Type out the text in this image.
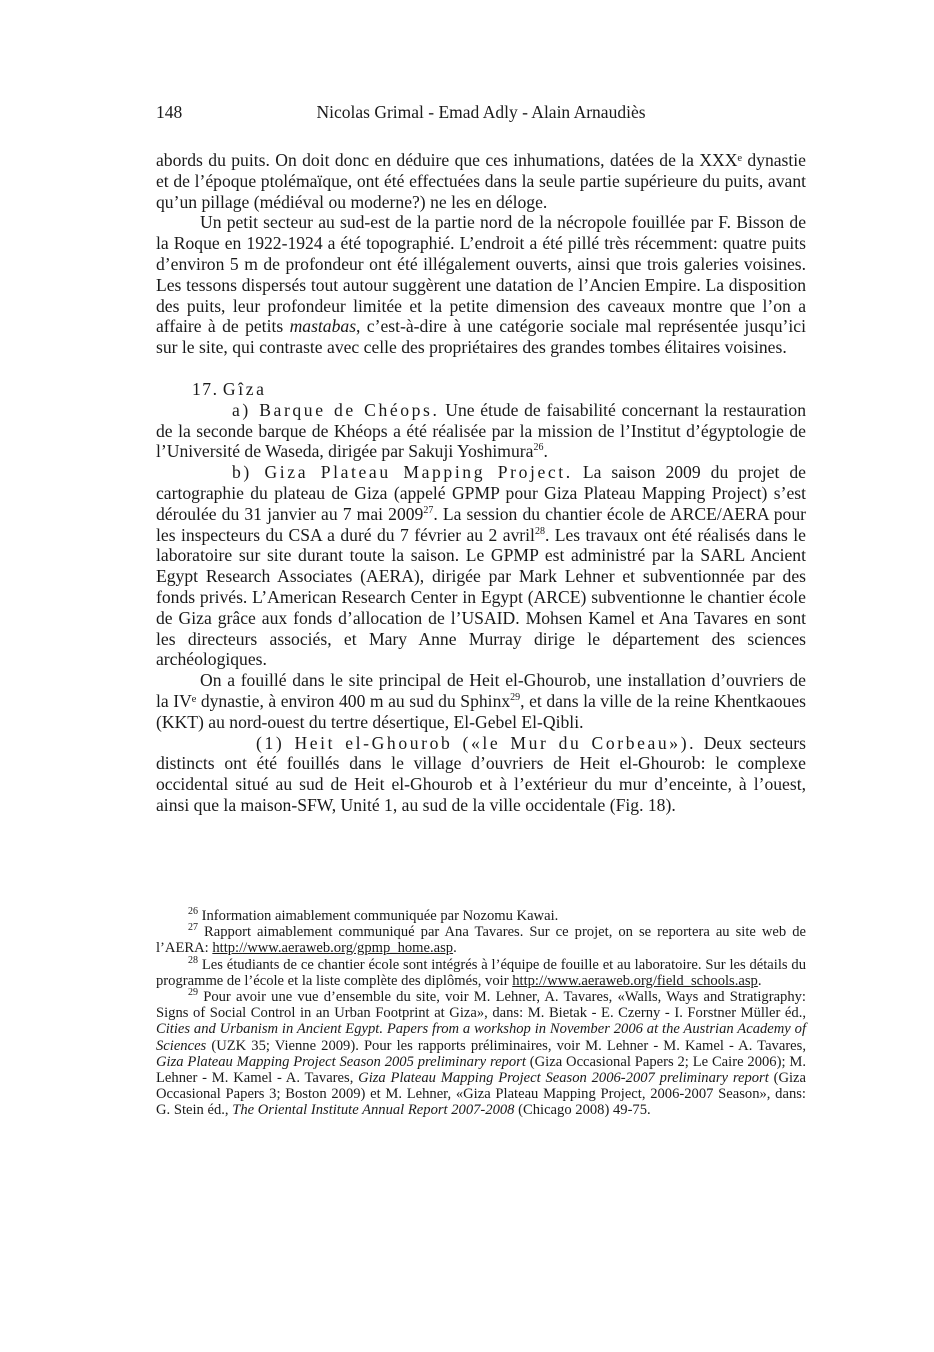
148	Nicolas Grimal - Emad Adly - Alain Arnaudiès

abords du puits. On doit donc en déduire que ces inhumations, datées de la XXXᵉ dynastie et de l’époque ptolémaïque, ont été effectuées dans la seule partie supérieure du puits, avant qu’un pillage (médiéval ou moderne?) ne les en déloge.

Un petit secteur au sud-est de la partie nord de la nécropole fouillée par F. Bisson de la Roque en 1922-1924 a été topographié. L’endroit a été pillé très récemment: quatre puits d’environ 5 m de profondeur ont été illégalement ouverts, ainsi que trois galeries voisines. Les tessons dispersés tout autour suggèrent une datation de l’Ancien Empire. La disposition des puits, leur profondeur limitée et la petite dimension des caveaux montre que l’on a affaire à de petits mastabas, c’est-à-dire à une catégorie sociale mal représentée jusqu’ici sur le site, qui contraste avec celle des propriétaires des grandes tombes élitaires voisines.

17. Gîza

a) Barque de Chéops. Une étude de faisabilité concernant la restauration de la seconde barque de Khéops a été réalisée par la mission de l’Institut d’égyptologie de l’Université de Waseda, dirigée par Sakuji Yoshimura$^{26}$.

b) Giza Plateau Mapping Project. La saison 2009 du projet de cartographie du plateau de Giza (appelé GPMP pour Giza Plateau Mapping Project) s’est déroulée du 31 janvier au 7 mai 2009$^{27}$. La session du chantier école de ARCE/AERA pour les inspecteurs du CSA a duré du 7 février au 2 avril$^{28}$. Les travaux ont été réalisés dans le laboratoire sur site durant toute la saison. Le GPMP est administré par la SARL Ancient Egypt Research Associates (AERA), dirigée par Mark Lehner et subventionnée par des fonds privés. L’American Research Center in Egypt (ARCE) subventionne le chantier école de Giza grâce aux fonds d’allocation de l’USAID. Mohsen Kamel et Ana Tavares en sont les directeurs associés, et Mary Anne Murray dirige le département des sciences archéologiques.

On a fouillé dans le site principal de Heit el-Ghourob, une installation d’ouvriers de la IVᵉ dynastie, à environ 400 m au sud du Sphinx$^{29}$, et dans la ville de la reine Khentkaoues (KKT) au nord-ouest du tertre désertique, El-Gebel El-Qibli.

(1) Heit el-Ghourob («le Mur du Corbeau»). Deux secteurs distincts ont été fouillés dans le village d’ouvriers de Heit el-Ghourob: le complexe occidental situé au sud de Heit el-Ghourob et à l’extérieur du mur d’enceinte, à l’ouest, ainsi que la maison-SFW, Unité 1, au sud de la ville occidentale (Fig. 18).

$^{26}$ Information aimablement communiquée par Nozomu Kawai.

$^{27}$ Rapport aimablement communiqué par Ana Tavares. Sur ce projet, on se reportera au site web de l’AERA: http://www.aeraweb.org/gpmp_home.asp.

$^{28}$ Les étudiants de ce chantier école sont intégrés à l’équipe de fouille et au laboratoire. Sur les détails du programme de l’école et la liste complète des diplômés, voir http://www.aeraweb.org/field_schools.asp.

$^{29}$ Pour avoir une vue d’ensemble du site, voir M. Lehner, A. Tavares, «Walls, Ways and Stratigraphy: Signs of Social Control in an Urban Footprint at Giza», dans: M. Bietak - E. Czerny - I. Forstner Müller éd., Cities and Urbanism in Ancient Egypt. Papers from a workshop in November 2006 at the Austrian Academy of Sciences (UZK 35; Vienne 2009). Pour les rapports préliminaires, voir M. Lehner - M. Kamel - A. Tavares, Giza Plateau Mapping Project Season 2005 preliminary report (Giza Occasional Papers 2; Le Caire 2006); M. Lehner - M. Kamel - A. Tavares, Giza Plateau Mapping Project Season 2006-2007 preliminary report (Giza Occasional Papers 3; Boston 2009) et M. Lehner, «Giza Plateau Mapping Project, 2006-2007 Season», dans: G. Stein éd., The Oriental Institute Annual Report 2007-2008 (Chicago 2008) 49-75.
